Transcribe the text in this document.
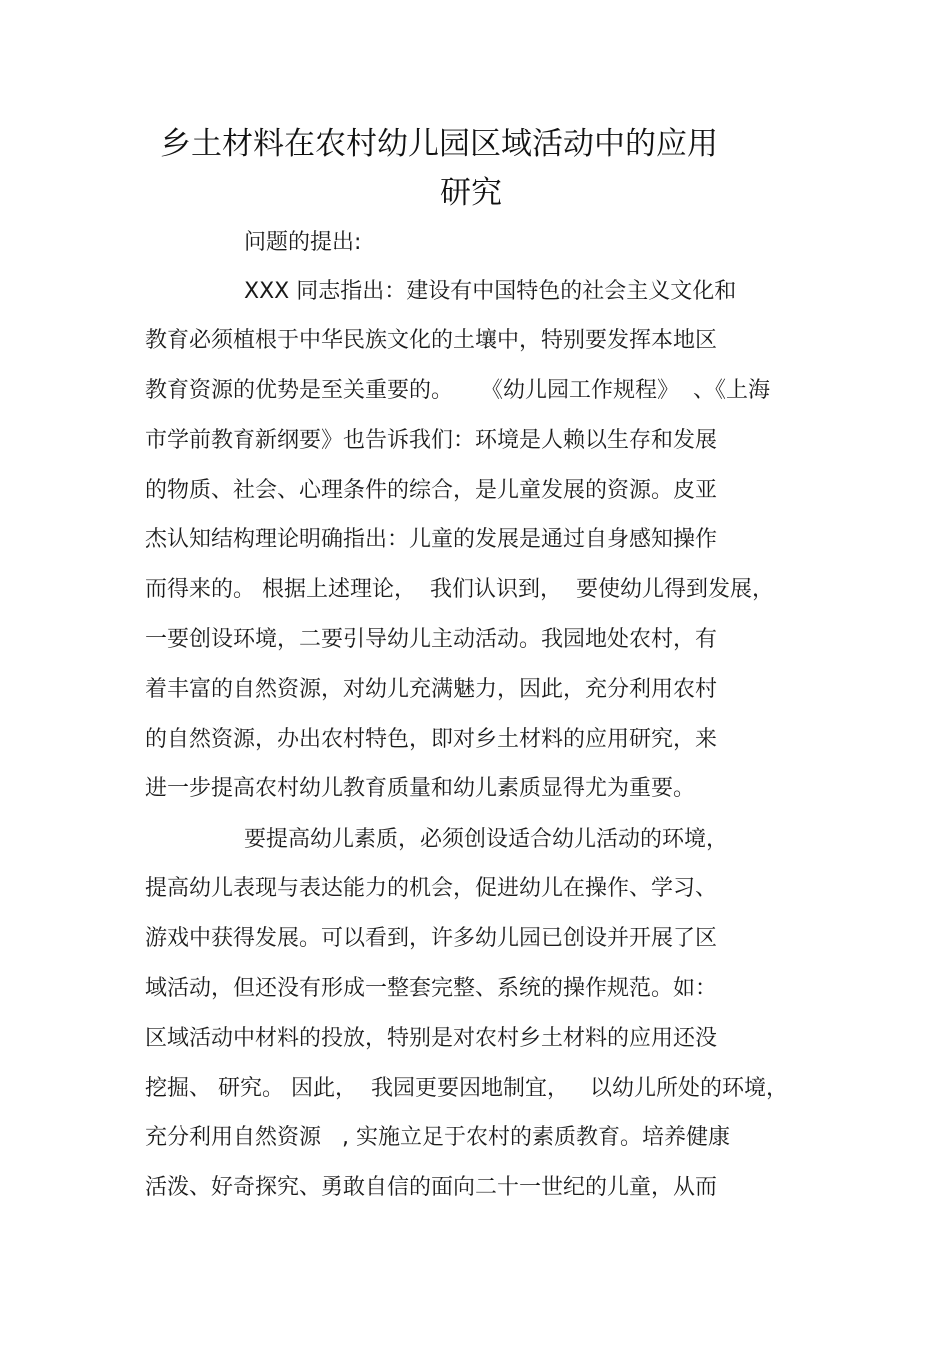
乡土材料在农村幼儿园区域活动中的应用
研究
问题的提出:
XXX 同志指出：建设有中国特色的社会主义文化和
教育必须植根于中华民族文化的土壤中，特别要发挥本地区
教育资源的优势是至关重要的。    《幼儿园工作规程》  、《上海
市学前教育新纲要》也告诉我们：环境是人赖以生存和发展
的物质、社会、心理条件的综合，是儿童发展的资源。皮亚
杰认知结构理论明确指出：儿童的发展是通过自身感知操作
而得来的。 根据上述理论，  我们认识到，  要使幼儿得到发展，
一要创设环境，二要引导幼儿主动活动。我园地处农村，有
着丰富的自然资源，对幼儿充满魅力，因此，充分利用农村
的自然资源，办出农村特色，即对乡土材料的应用研究，来
进一步提高农村幼儿教育质量和幼儿素质显得尤为重要。
要提高幼儿素质，必须创设适合幼儿活动的环境，
提高幼儿表现与表达能力的机会，促进幼儿在操作、学习、
游戏中获得发展。可以看到，许多幼儿园已创设并开展了区
域活动，但还没有形成一整套完整、系统的操作规范。如：
区域活动中材料的投放，特别是对农村乡土材料的应用还没
挖掘、 研究。 因此，  我园更要因地制宜，   以幼儿所处的环境，
充分利用自然资源   , 实施立足于农村的素质教育。培养健康
活泼、好奇探究、勇敢自信的面向二十一世纪的儿童，从而
